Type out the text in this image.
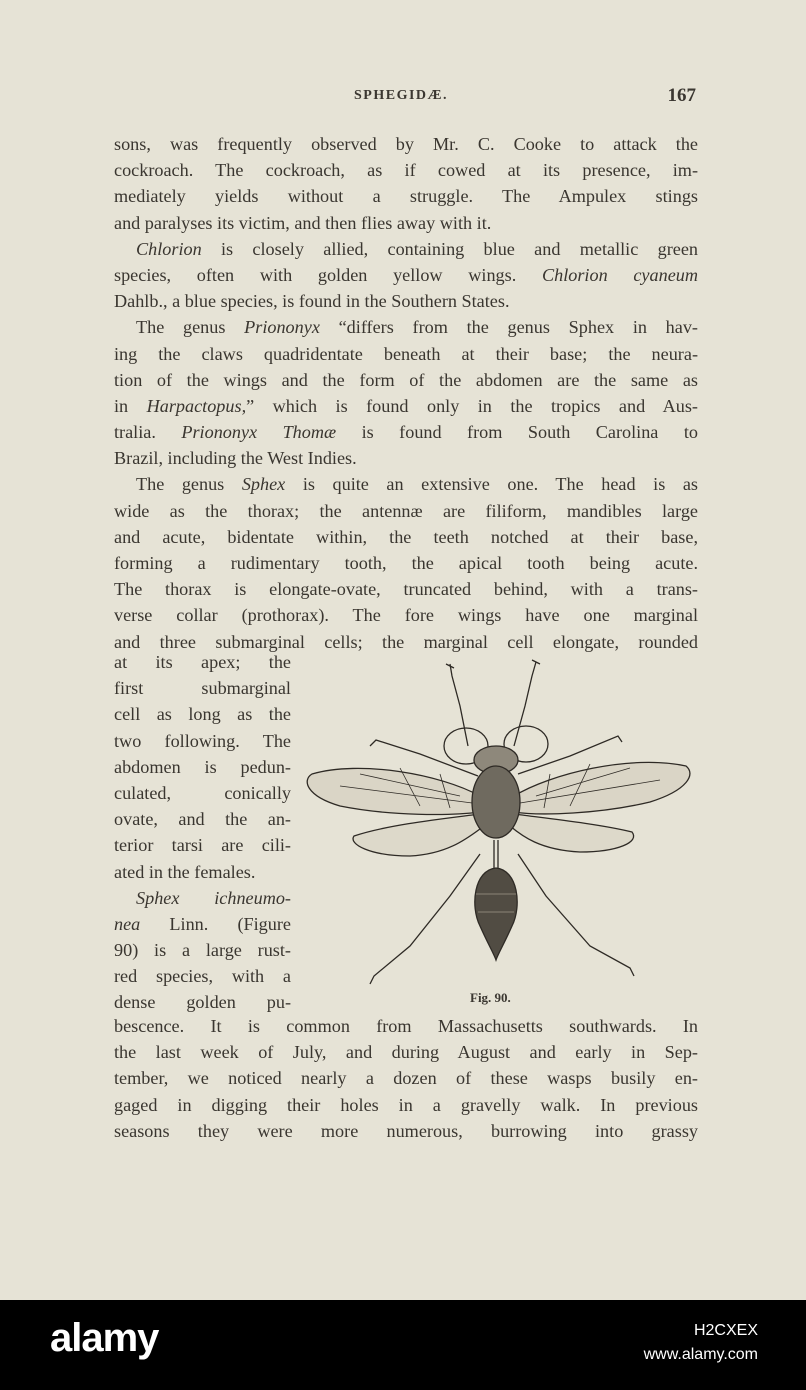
SPHEGIDÆ.	167
so​ns, was frequently observed by Mr. C. Cooke to attack the
cockroach. The cockroach, as if cowed at its presence, im-
mediately yields without a struggle. The Ampulex stings
and paralyses its victim, and then flies away with it.
Chlorion is closely allied, containing blue and metallic green
species, often with golden yellow wings. Chlorion cyaneum
Dahlb., a blue species, is found in the Southern States.
The genus Priononyx “differs from the genus Sphex in hav-
ing the claws quadridentate beneath at their base; the neura-
tion of the wings and the form of the abdomen are the same as
in Harpactopus,” which is found only in the tropics and Aus-
tralia. Priononyx Thomæ is found from South Carolina to
Brazil, including the West Indies.
The genus Sphex is quite an extensive one. The head is as
wide as the thorax; the antennæ are filiform, mandibles large
and acute, bidentate within, the teeth notched at their base,
forming a rudimentary tooth, the apical tooth being acute.
The thorax is elongate-ovate, truncated behind, with a trans-
verse collar (prothorax). The fore wings have one marginal
and three submarginal cells; the marginal cell elongate, rounded
at its apex; the
first submarginal
cell as long as the
two following. The
abdomen is pedun-
culated, conically
ovate, and the an-
terior tarsi are cili-
ated in the females.
Sphex ichneumo-
nea Linn. (Figure
90) is a large rust-
red species, with a
dense golden pu-	Fig. 90.
bescence. It is common from Massachusetts southwards. In
the last week of July, and during August and early in Sep-
tember, we noticed nearly a dozen of these wasps busily en-
gaged in digging their holes in a gravelly walk. In previous
seasons they were more numerous, burrowing into grassy
alamy	H2CXEX
www.alamy.com
